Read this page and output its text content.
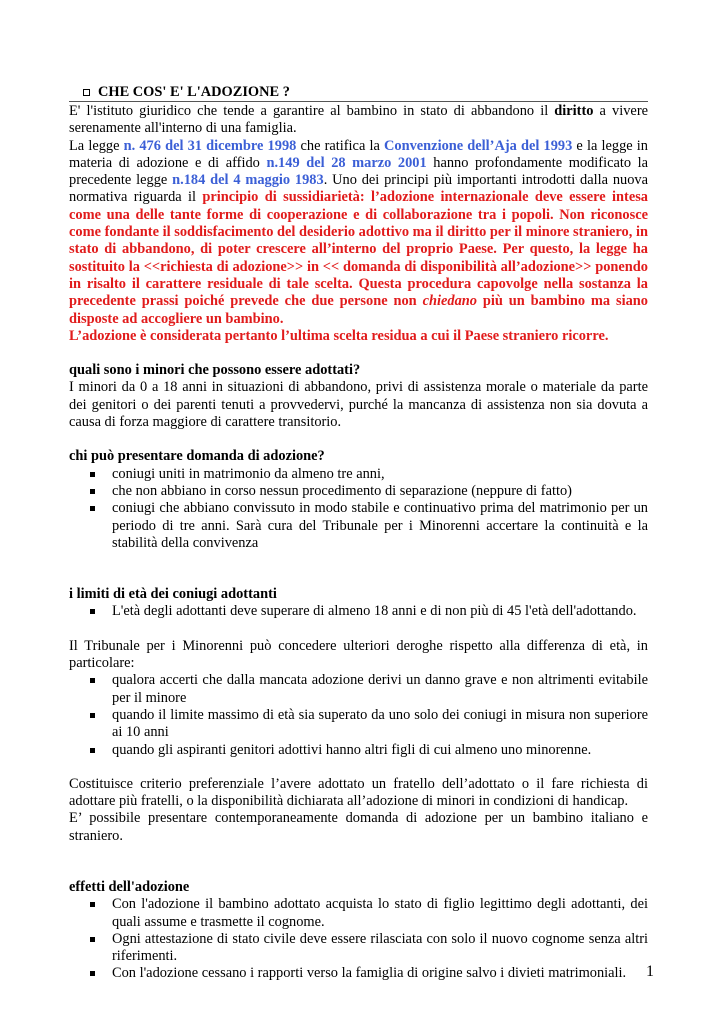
CHE COS' E' L'ADOZIONE ?

E' l'istituto giuridico che tende a garantire al bambino in stato di abbandono il diritto a vivere serenamente all'interno di una famiglia.

La legge n. 476 del 31 dicembre 1998 che ratifica la Convenzione dell’Aja del 1993 e la legge in materia di adozione e di affido n.149 del 28 marzo 2001 hanno profondamente modificato la precedente legge n.184 del 4 maggio 1983. Uno dei principi più importanti introdotti dalla nuova normativa riguarda il principio di sussidiarietà: l’adozione internazionale deve essere intesa come una delle tante forme di cooperazione e di collaborazione tra i popoli. Non riconosce come fondante il soddisfacimento del desiderio adottivo ma il diritto per il minore straniero, in stato di abbandono, di poter crescere all’interno del proprio Paese. Per questo, la legge ha sostituito la <<richiesta di adozione>> in << domanda di disponibilità all’adozione>> ponendo in risalto il carattere residuale di tale scelta. Questa procedura capovolge nella sostanza la precedente prassi poiché prevede che due persone non chiedano più un bambino ma siano disposte ad accogliere un bambino.

L’adozione è considerata pertanto l’ultima scelta residua a cui il Paese straniero ricorre.

quali sono i minori che possono essere adottati?

I minori da 0 a 18 anni in situazioni di abbandono, privi di assistenza morale o materiale da parte dei genitori o dei parenti tenuti a provvedervi, purché la mancanza di assistenza non sia dovuta a causa di forza maggiore di carattere transitorio.

chi può presentare domanda di adozione?
coniugi uniti in matrimonio da almeno tre anni,
che non abbiano in corso nessun procedimento di separazione (neppure di fatto)
coniugi che abbiano convissuto in modo stabile e continuativo prima del matrimonio per un periodo di tre anni. Sarà cura del Tribunale per i Minorenni accertare la continuità e la stabilità della convivenza
i limiti di età dei coniugi adottanti
L'età degli adottanti deve superare di almeno 18 anni e di non più di 45 l'età dell'adottando.

Il Tribunale per i Minorenni può concedere ulteriori deroghe rispetto alla differenza di età, in particolare:

qualora accerti che dalla mancata adozione derivi un danno grave e non altrimenti evitabile per il minore
quando il limite massimo di età sia superato da uno solo dei coniugi in misura non superiore ai 10 anni
quando gli aspiranti genitori adottivi hanno altri figli di cui almeno uno minorenne.

Costituisce criterio preferenziale l’avere adottato un fratello dell’adottato o il fare richiesta di adottare più fratelli, o la disponibilità dichiarata all’adozione di minori in condizioni di handicap.

E’ possibile presentare contemporaneamente domanda di adozione per un bambino italiano e straniero.

effetti dell'adozione
Con l'adozione il bambino adottato acquista lo stato di figlio legittimo degli adottanti, dei quali assume e trasmette il cognome.
Ogni attestazione di stato civile deve essere rilasciata con solo il nuovo cognome senza altri riferimenti.
Con l'adozione cessano i rapporti verso la famiglia di origine salvo i divieti matrimoniali.	1
